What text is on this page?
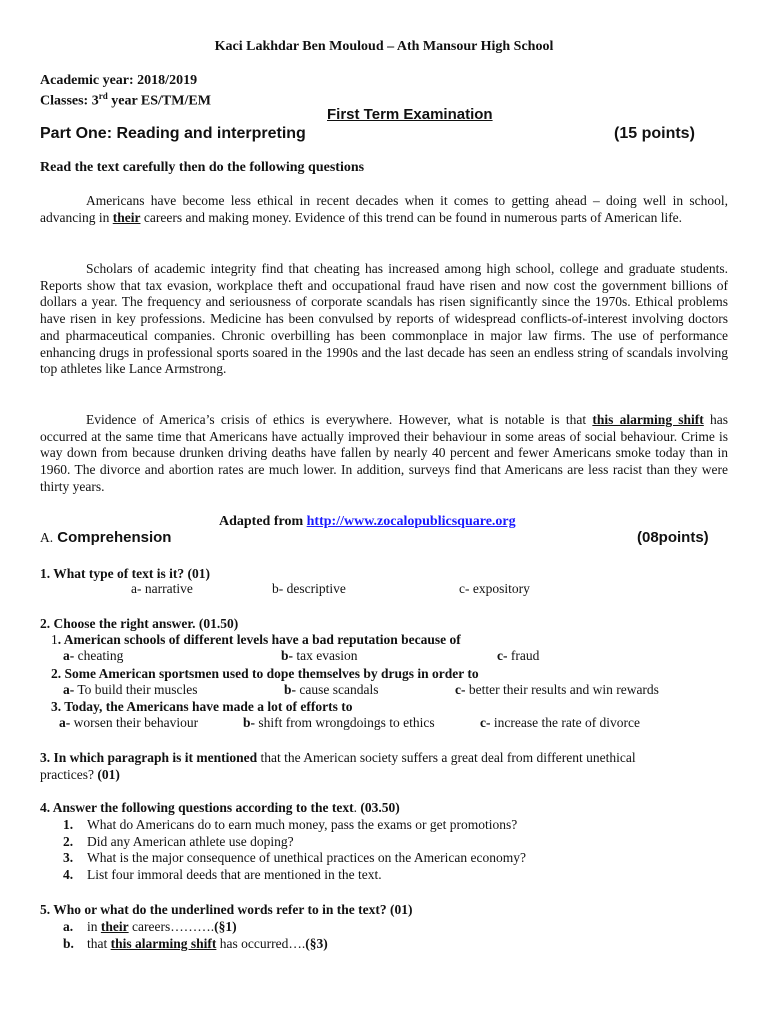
Kaci Lakhdar Ben Mouloud – Ath Mansour High School
Academic year: 2018/2019
Classes: 3rd year ES/TM/EM
First Term Examination
Part One: Reading and interpreting	(15 points)
Read the text carefully then do the following questions
Americans have become less ethical in recent decades when it comes to getting ahead – doing well in school, advancing in their careers and making money. Evidence of this trend can be found in numerous parts of American life.
Scholars of academic integrity find that cheating has increased among high school, college and graduate students. Reports show that tax evasion, workplace theft and occupational fraud have risen and now cost the government billions of dollars a year. The frequency and seriousness of corporate scandals has risen significantly since the 1970s. Ethical problems have risen in key professions. Medicine has been convulsed by reports of widespread conflicts-of-interest involving doctors and pharmaceutical companies. Chronic overbilling has been commonplace in major law firms. The use of performance enhancing drugs in professional sports soared in the 1990s and the last decade has seen an endless string of scandals involving top athletes like Lance Armstrong.
Evidence of America’s crisis of ethics is everywhere. However, what is notable is that this alarming shift has occurred at the same time that Americans have actually improved their behaviour in some areas of social behaviour. Crime is way down from because drunken driving deaths have fallen by nearly 40 percent and fewer Americans smoke today than in 1960. The divorce and abortion rates are much lower. In addition, surveys find that Americans are less racist than they were thirty years.
Adapted from http://www.zocalopublicsquare.org
A. Comprehension	(08points)
1. What type of text is it? (01)
a- narrative	b- descriptive	c- expository
2. Choose the right answer. (01.50)
1. American schools of different levels have a bad reputation because of
a- cheating	b- tax evasion	c- fraud
2. Some American sportsmen used to dope themselves by drugs in order to
a- To build their muscles	b- cause scandals	c- better their results and win rewards
3. Today, the Americans have made a lot of efforts to
a- worsen their behaviour	b- shift from wrongdoings to ethics	c- increase the rate of divorce
3. In which paragraph is it mentioned that the American society suffers a great deal from different unethical
practices? (01)
4. Answer the following questions according to the text. (03.50)
1. What do Americans do to earn much money, pass the exams or get promotions?
2. Did any American athlete use doping?
3. What is the major consequence of unethical practices on the American economy?
4. List four immoral deeds that are mentioned in the text.
5. Who or what do the underlined words refer to in the text? (01)
a. in their careers……….(§1)
b. that this alarming shift has occurred….(§3)
